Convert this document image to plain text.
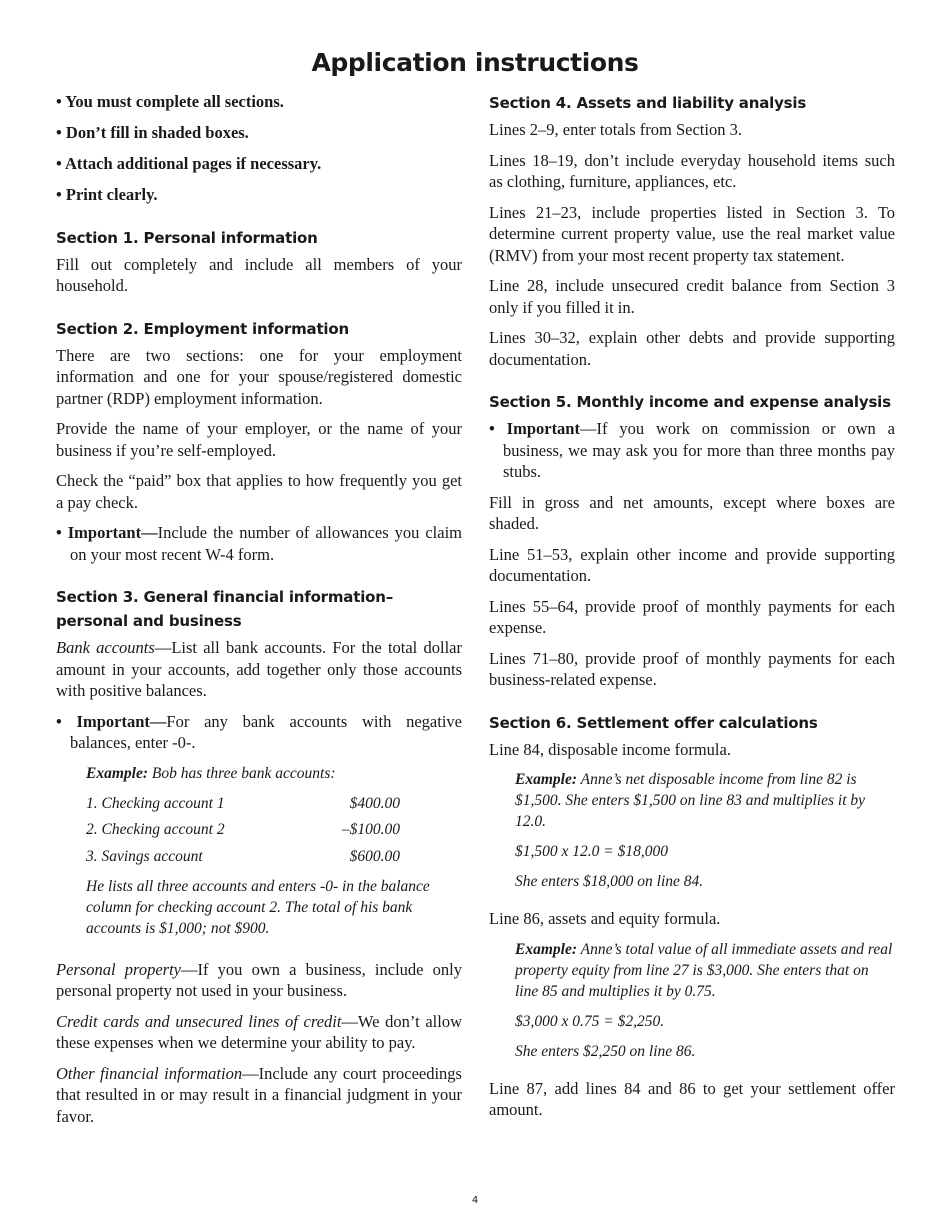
Application instructions
• You must complete all sections.
• Don’t fill in shaded boxes.
• Attach additional pages if necessary.
• Print clearly.
Section 1. Personal information

Fill out completely and include all members of your household.

Section 2. Employment information

There are two sections: one for your employment information and one for your spouse/registered domestic partner (RDP) employment information.

Provide the name of your employer, or the name of your business if you’re self-employed.

Check the “paid” box that applies to how frequently you get a pay check.

• Important—Include the number of allowances you claim on your most recent W-4 form.

Section 3. General financial information–
personal and business

Bank accounts—List all bank accounts. For the total dollar amount in your accounts, add together only those accounts with positive balances.

• Important—For any bank accounts with negative balances, enter -0-.

Example: Bob has three bank accounts:

1. Checking account 1	$400.00
2. Checking account 2	–$100.00
3. Savings account	$600.00

He lists all three accounts and enters -0- in the balance column for checking account 2. The total of his bank accounts is $1,000; not $900.

Personal property—If you own a business, include only personal property not used in your business.

Credit cards and unsecured lines of credit—We don’t allow these expenses when we determine your ability to pay.

Other financial information—Include any court proceedings that resulted in or may result in a financial judgment in your favor.

Section 4. Assets and liability analysis

Lines 2–9, enter totals from Section 3.

Lines 18–19, don’t include everyday household items such as clothing, furniture, appliances, etc.

Lines 21–23, include properties listed in Section 3. To determine current property value, use the real market value (RMV) from your most recent property tax statement.

Line 28, include unsecured credit balance from Section 3 only if you filled it in.

Lines 30–32, explain other debts and provide supporting documentation.

Section 5. Monthly income and expense analysis

• Important—If you work on commission or own a business, we may ask you for more than three months pay stubs.

Fill in gross and net amounts, except where boxes are shaded.

Line 51–53, explain other income and provide supporting documentation.

Lines 55–64, provide proof of monthly payments for each expense.

Lines 71–80, provide proof of monthly payments for each business-related expense.

Section 6. Settlement offer calculations

Line 84, disposable income formula.

Example: Anne’s net disposable income from line 82 is $1,500. She enters $1,500 on line 83 and multiplies it by 12.0.

$1,500 x 12.0 = $18,000

She enters $18,000 on line 84.

Line 86, assets and equity formula.

Example: Anne’s total value of all immediate assets and real property equity from line 27 is $3,000. She enters that on line 85 and multiplies it by 0.75.

$3,000 x 0.75 = $2,250.

She enters $2,250 on line 86.

Line 87, add lines 84 and 86 to get your settlement offer amount.

4
